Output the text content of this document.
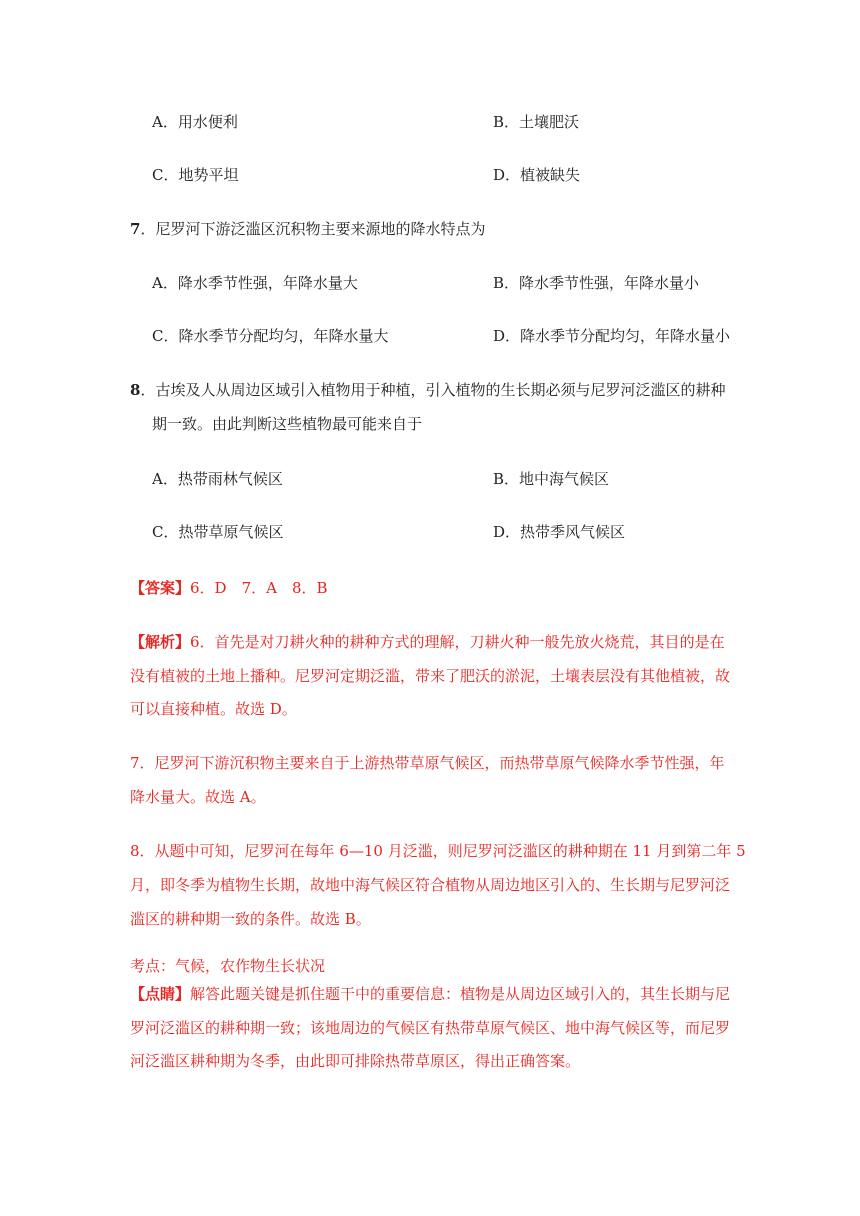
A．用水便利	B．土壤肥沃
C．地势平坦	D．植被缺失
7．尼罗河下游泛滥区沉积物主要来源地的降水特点为
A．降水季节性强，年降水量大	B．降水季节性强，年降水量小
C．降水季节分配均匀，年降水量大	D．降水季节分配均匀，年降水量小
8．古埃及人从周边区域引入植物用于种植，引入植物的生长期必须与尼罗河泛滥区的耕种
期一致。由此判断这些植物最可能来自于
A．热带雨林气候区	B．地中海气候区
C．热带草原气候区	D．热带季风气候区
【答案】6．D　7．A　8．B
【解析】6．首先是对刀耕火种的耕种方式的理解，刀耕火种一般先放火烧荒，其目的是在
没有植被的土地上播种。尼罗河定期泛滥，带来了肥沃的淤泥，土壤表层没有其他植被，故
可以直接种植。故选 D。
7．尼罗河下游沉积物主要来自于上游热带草原气候区，而热带草原气候降水季节性强，年
降水量大。故选 A。
8．从题中可知，尼罗河在每年 6—10 月泛滥，则尼罗河泛滥区的耕种期在 11 月到第二年 5
月，即冬季为植物生长期，故地中海气候区符合植物从周边地区引入的、生长期与尼罗河泛
滥区的耕种期一致的条件。故选 B。
考点：气候，农作物生长状况
【点睛】解答此题关键是抓住题干中的重要信息：植物是从周边区域引入的，其生长期与尼
罗河泛滥区的耕种期一致；该地周边的气候区有热带草原气候区、地中海气候区等，而尼罗
河泛滥区耕种期为冬季，由此即可排除热带草原区，得出正确答案。
